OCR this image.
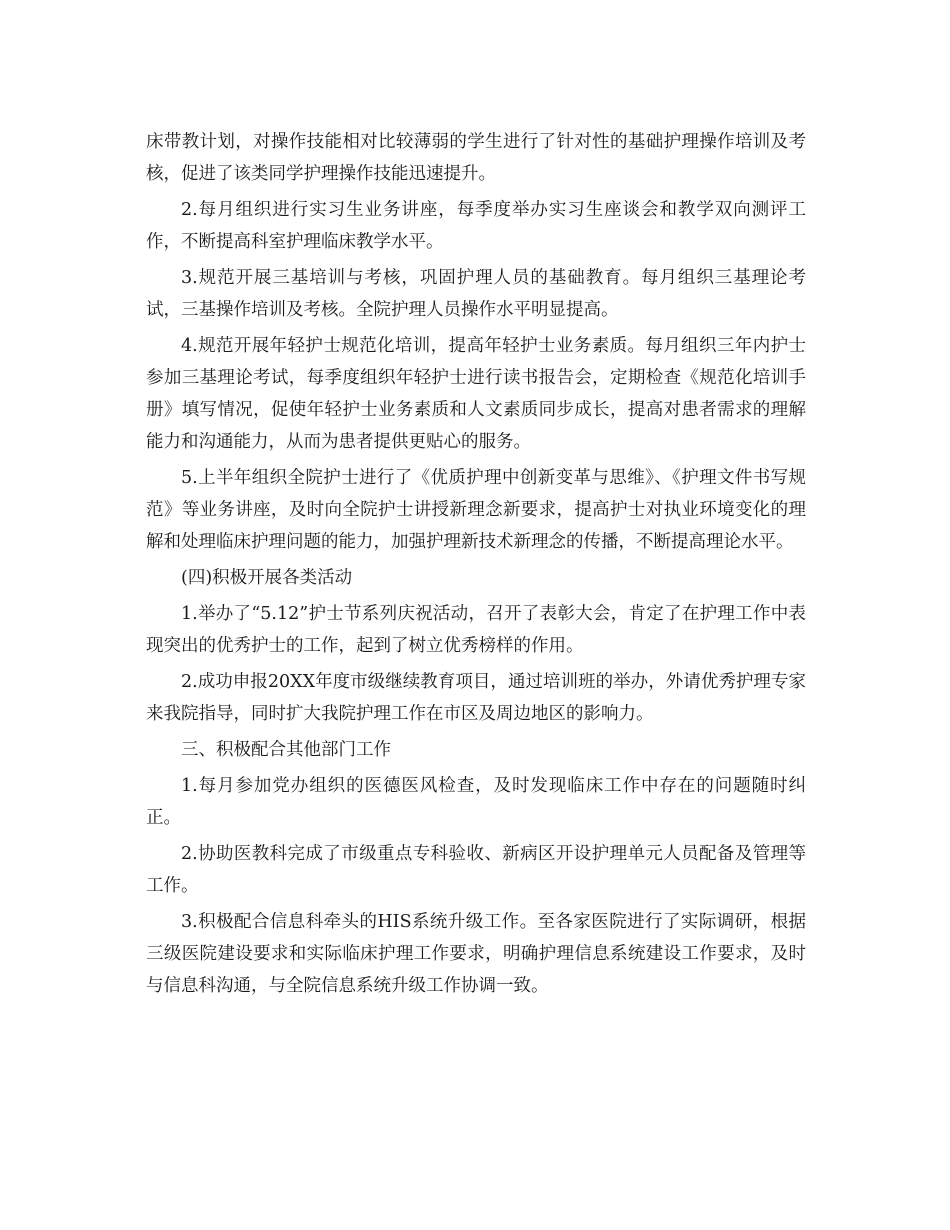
床带教计划，对操作技能相对比较薄弱的学生进行了针对性的基础护理操作培训及考核，促进了该类同学护理操作技能迅速提升。

2.每月组织进行实习生业务讲座，每季度举办实习生座谈会和教学双向测评工作，不断提高科室护理临床教学水平。

3.规范开展三基培训与考核，巩固护理人员的基础教育。每月组织三基理论考试，三基操作培训及考核。全院护理人员操作水平明显提高。

4.规范开展年轻护士规范化培训，提高年轻护士业务素质。每月组织三年内护士参加三基理论考试，每季度组织年轻护士进行读书报告会，定期检查《规范化培训手册》填写情况，促使年轻护士业务素质和人文素质同步成长，提高对患者需求的理解能力和沟通能力，从而为患者提供更贴心的服务。

5.上半年组织全院护士进行了《优质护理中创新变革与思维》、《护理文件书写规范》等业务讲座，及时向全院护士讲授新理念新要求，提高护士对执业环境变化的理解和处理临床护理问题的能力，加强护理新技术新理念的传播，不断提高理论水平。

(四)积极开展各类活动

1.举办了“5.12”护士节系列庆祝活动，召开了表彰大会，肯定了在护理工作中表现突出的优秀护士的工作，起到了树立优秀榜样的作用。

2.成功申报20XX年度市级继续教育项目，通过培训班的举办，外请优秀护理专家来我院指导，同时扩大我院护理工作在市区及周边地区的影响力。

三、积极配合其他部门工作

1.每月参加党办组织的医德医风检查，及时发现临床工作中存在的问题随时纠正。

2.协助医教科完成了市级重点专科验收、新病区开设护理单元人员配备及管理等工作。

3.积极配合信息科牵头的HIS系统升级工作。至各家医院进行了实际调研，根据三级医院建设要求和实际临床护理工作要求，明确护理信息系统建设工作要求，及时与信息科沟通，与全院信息系统升级工作协调一致。
